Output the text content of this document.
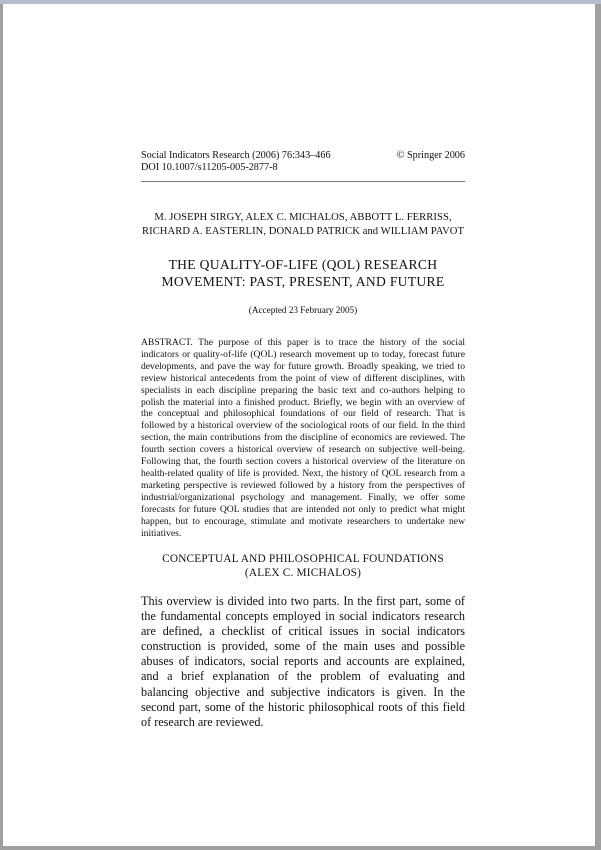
Social Indicators Research (2006) 76:343–466	© Springer 2006
DOI 10.1007/s11205-005-2877-8
M. JOSEPH SIRGY, ALEX C. MICHALOS, ABBOTT L. FERRISS,
RICHARD A. EASTERLIN, DONALD PATRICK and WILLIAM PAVOT
THE QUALITY-OF-LIFE (QOL) RESEARCH
MOVEMENT: PAST, PRESENT, AND FUTURE
(Accepted 23 February 2005)
ABSTRACT. The purpose of this paper is to trace the history of the social indicators or quality-of-life (QOL) research movement up to today, forecast future developments, and pave the way for future growth. Broadly speaking, we tried to review historical antecedents from the point of view of different disciplines, with specialists in each discipline preparing the basic text and co-authors helping to polish the material into a finished product. Briefly, we begin with an overview of the conceptual and philosophical foundations of our field of research. That is followed by a historical overview of the sociological roots of our field. In the third section, the main contributions from the discipline of economics are reviewed. The fourth section covers a historical overview of research on subjective well-being. Following that, the fourth section covers a historical overview of the literature on health-related quality of life is provided. Next, the history of QOL research from a marketing perspective is reviewed followed by a history from the perspectives of industrial/organizational psychology and management. Finally, we offer some forecasts for future QOL studies that are intended not only to predict what might happen, but to encourage, stimulate and motivate researchers to undertake new initiatives.
CONCEPTUAL AND PHILOSOPHICAL FOUNDATIONS
(ALEX C. MICHALOS)
This overview is divided into two parts. In the first part, some of the fundamental concepts employed in social indicators research are defined, a checklist of critical issues in social indicators construction is provided, some of the main uses and possible abuses of indicators, social reports and accounts are explained, and a brief explanation of the problem of evaluating and balancing objective and subjective indicators is given. In the second part, some of the historic philosophical roots of this field of research are reviewed.
